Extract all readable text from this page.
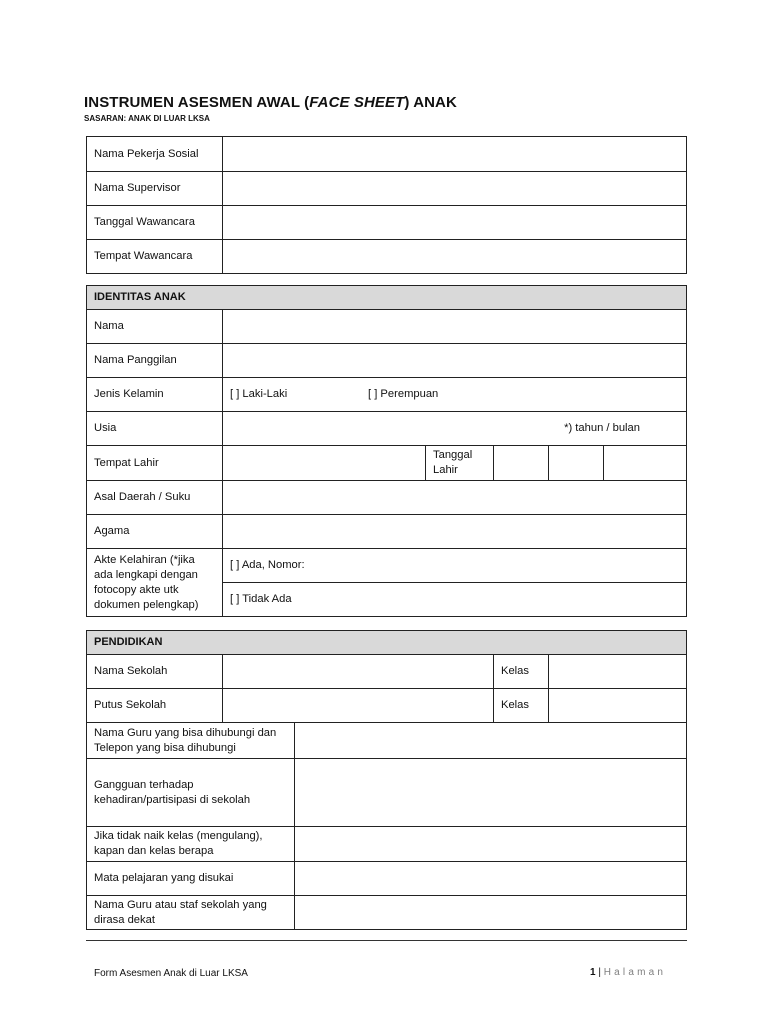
INSTRUMEN ASESMEN AWAL (FACE SHEET) ANAK
SASARAN: ANAK DI LUAR LKSA
Nama Pekerja Sosial	
Nama Supervisor	
Tanggal Wawancara	
Tempat Wawancara	
IDENTITAS ANAK					
Nama					
Nama Panggilan					
Jenis Kelamin	[ ] Laki-Laki [ ] Perempuan				

Usia	*) tahun / bulan				
Tempat Lahir		Tanggal Lahir			
Asal Daerah / Suku					
Agama					
Akte Kelahiran (*jika ada lengkapi dengan fotocopy akte utk dokumen pelengkap)	[ ] Ada, Nomor:				
	[ ] Tidak Ada				
PENDIDIKAN				
Nama Sekolah			Kelas	
Putus Sekolah			Kelas	
Nama Guru yang bisa dihubungi dan Telepon yang bisa dihubungi				
Gangguan terhadap kehadiran/partisipasi di sekolah				
Jika tidak naik kelas (mengulang), kapan dan kelas berapa				
Mata pelajaran yang disukai				
Nama Guru atau staf sekolah yang dirasa dekat				
Form Asesmen Anak di Luar LKSA	1 | Halaman
